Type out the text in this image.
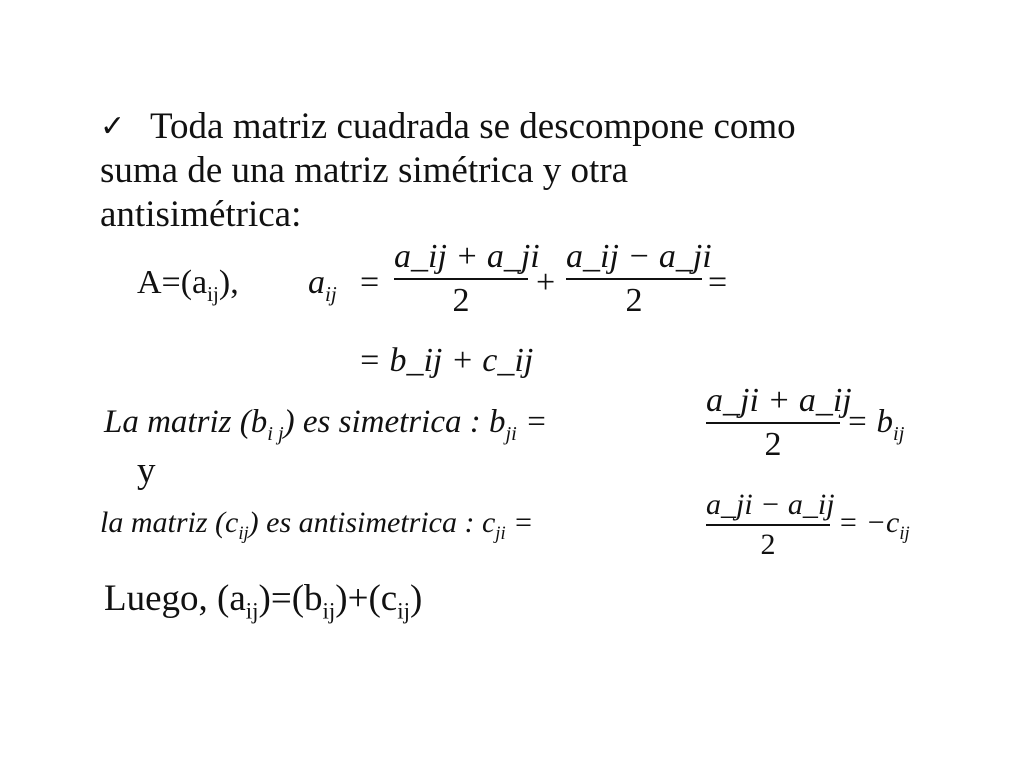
✓ Toda matriz cuadrada se descompone como
suma de una matriz simétrica y otra
antisimétrica:
$A=(a_{ij})$, $a_{ij}$ =
a_ij + a_ji
2	+
a_ij − a_ji
2	=
= b_ij + c_ij
La matriz $(b_{i j})$ es simetrica : $b_{ji}$ =
a_ji + a_ij
2
= $b_{ij}$
y
la matriz $(c_{ij})$ es antisimetrica : $c_{ji}$ =
a_ji − a_ij
2
= $-c_{ij}$
Luego, $(a_{ij})=(b_{ij})+(c_{ij})$
